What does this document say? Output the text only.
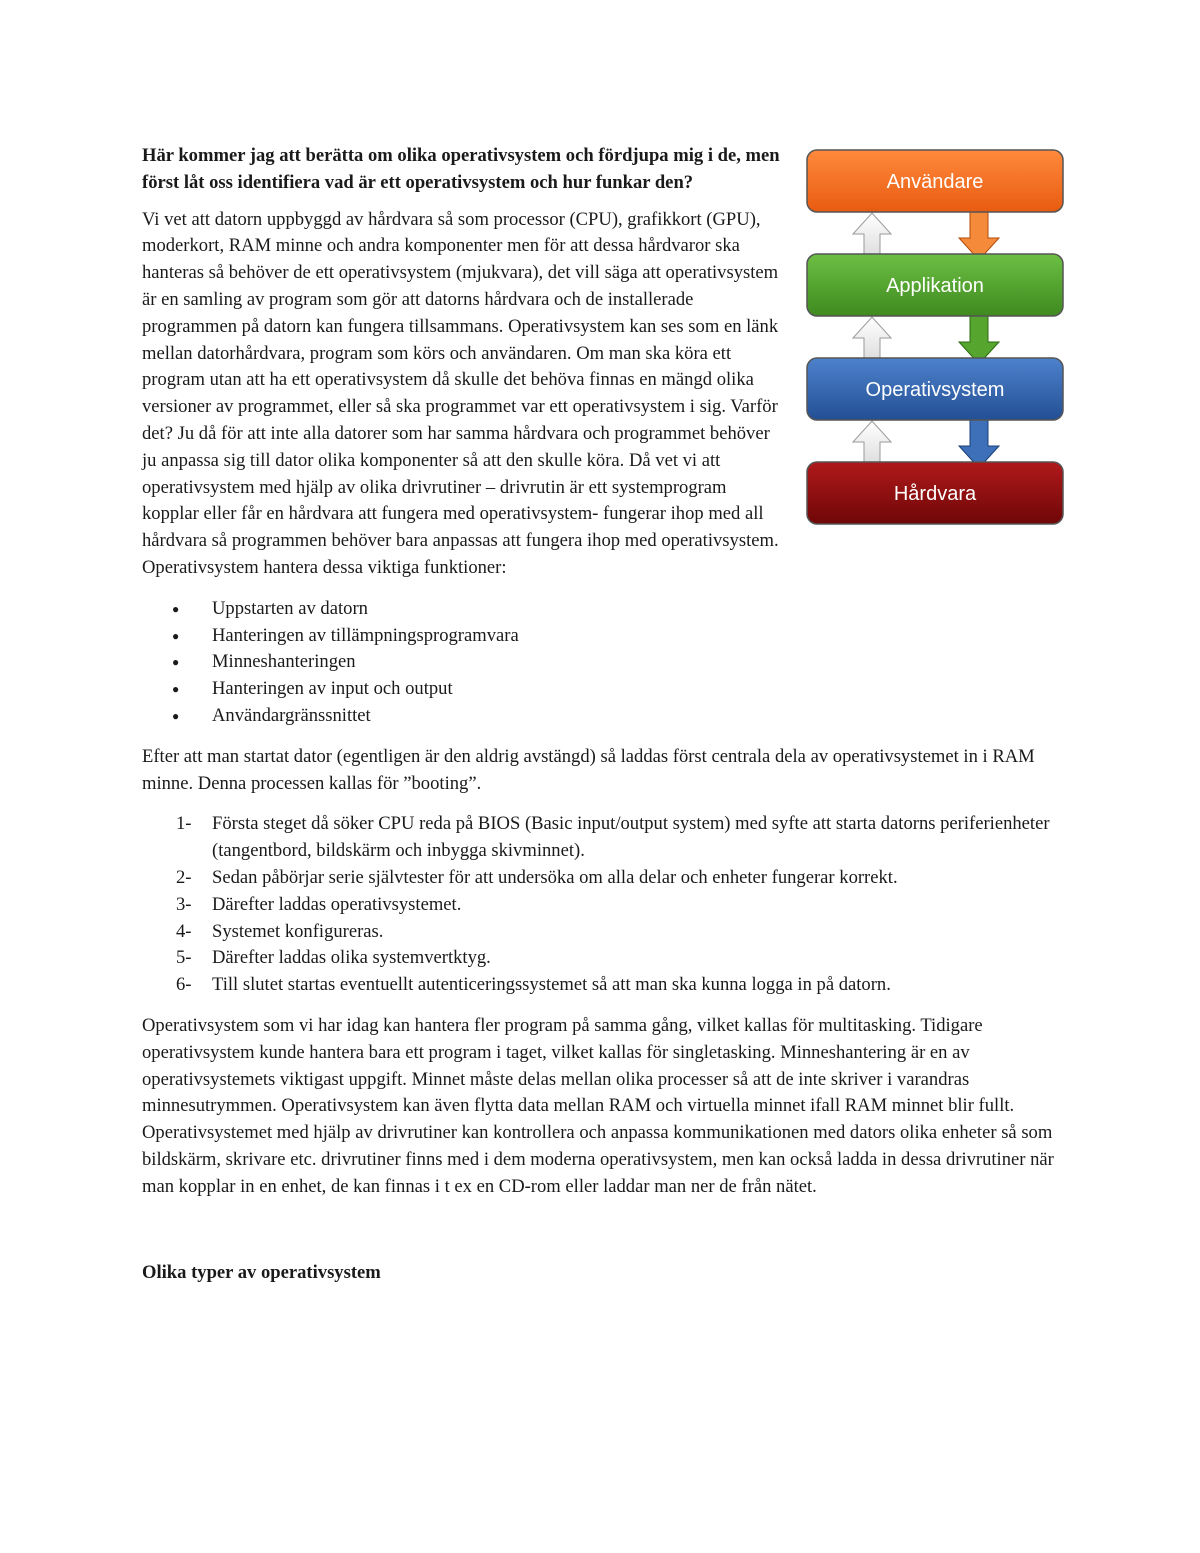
Användare
Applikation
Operativsystem
Hårdvara

Här kommer jag att berätta om olika operativsystem och fördjupa mig i de, men först låt oss identifiera vad är ett operativsystem och hur funkar den?

Vi vet att datorn uppbyggd av hårdvara så som processor (CPU), grafikkort (GPU), moderkort, RAM minne och andra komponenter men för att dessa hårdvaror ska hanteras så behöver de ett operativsystem (mjukvara), det vill säga att operativsystem är en samling av program som gör att datorns hårdvara och de installerade programmen på datorn kan fungera tillsammans. Operativsystem kan ses som en länk mellan datorhårdvara, program som körs och användaren. Om man ska köra ett program utan att ha ett operativsystem då skulle det behöva finnas en mängd olika versioner av programmet, eller så ska programmet var ett operativsystem i sig. Varför det? Ju då för att inte alla datorer som har samma hårdvara och programmet behöver ju anpassa sig till dator olika komponenter så att den skulle köra. Då vet vi att operativsystem med hjälp av olika drivrutiner – drivrutin är ett systemprogram kopplar eller får en hårdvara att fungera med operativsystem- fungerar ihop med all hårdvara så programmen behöver bara anpassas att fungera ihop med operativsystem. Operativsystem hantera dessa viktiga funktioner:

● Uppstarten av datorn
● Hanteringen av tillämpningsprogramvara
● Minneshanteringen
● Hanteringen av input och output
● Användargränssnittet

Efter att man startat dator (egentligen är den aldrig avstängd) så laddas först centrala dela av operativsystemet in i RAM minne. Denna processen kallas för ”booting”.

1- Första steget då söker CPU reda på BIOS (Basic input/output system) med syfte att starta datorns periferienheter (tangentbord, bildskärm och inbygga skivminnet).
2- Sedan påbörjar serie självtester för att undersöka om alla delar och enheter fungerar korrekt.
3- Därefter laddas operativsystemet.
4- Systemet konfigureras.
5- Därefter laddas olika systemvertktyg.
6- Till slutet startas eventuellt autenticeringssystemet så att man ska kunna logga in på datorn.

Operativsystem som vi har idag kan hantera fler program på samma gång, vilket kallas för multitasking. Tidigare operativsystem kunde hantera bara ett program i taget, vilket kallas för singletasking. Minneshantering är en av operativsystemets viktigast uppgift. Minnet måste delas mellan olika processer så att de inte skriver i varandras minnesutrymmen. Operativsystem kan även flytta data mellan RAM och virtuella minnet ifall RAM minnet blir fullt. Operativsystemet med hjälp av drivrutiner kan kontrollera och anpassa kommunikationen med dators olika enheter så som bildskärm, skrivare etc. drivrutiner finns med i dem moderna operativsystem, men kan också ladda in dessa drivrutiner när man kopplar in en enhet, de kan finnas i t ex en CD-rom eller laddar man ner de från nätet.

Olika typer av operativsystem
